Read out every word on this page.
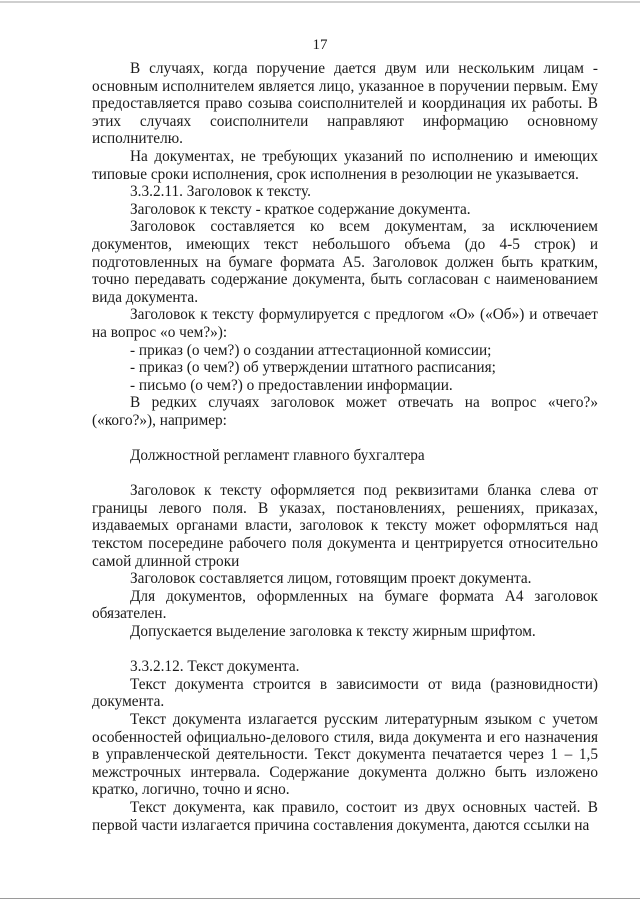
17

В случаях, когда поручение дается двум или нескольким лицам - основным исполнителем является лицо, указанное в поручении первым. Ему предоставляется право созыва соисполнителей и координация их работы. В этих случаях соисполнители направляют информацию основному исполнителю.

На документах, не требующих указаний по исполнению и имеющих типовые сроки исполнения, срок исполнения в резолюции не указывается.

3.3.2.11. Заголовок к тексту.

Заголовок к тексту - краткое содержание документа.

Заголовок составляется ко всем документам, за исключением документов, имеющих текст небольшого объема (до 4-5 строк) и подготовленных на бумаге формата А5. Заголовок должен быть кратким, точно передавать содержание документа, быть согласован с наименованием вида документа.

Заголовок к тексту формулируется с предлогом «О» («Об») и отвечает на вопрос «о чем?»):

- приказ (о чем?) о создании аттестационной комиссии;

- приказ (о чем?) об утверждении штатного расписания;

- письмо (о чем?) о предоставлении информации.

В редких случаях заголовок может отвечать на вопрос «чего?» («кого?»), например:

Должностной регламент главного бухгалтера

Заголовок к тексту оформляется под реквизитами бланка слева от границы левого поля. В указах, постановлениях, решениях, приказах, издаваемых органами власти, заголовок к тексту может оформляться над текстом посередине рабочего поля документа и центрируется относительно самой длинной строки

Заголовок составляется лицом, готовящим проект документа.

Для документов, оформленных на бумаге формата А4 заголовок обязателен.

Допускается выделение заголовка к тексту жирным шрифтом.

3.3.2.12. Текст документа.

Текст документа строится в зависимости от вида (разновидности) документа.

Текст документа излагается русским литературным языком с учетом особенностей официально-делового стиля, вида документа и его назначения в управленческой деятельности. Текст документа печатается через 1 – 1,5 межстрочных интервала. Содержание документа должно быть изложено кратко, логично, точно и ясно.

Текст документа, как правило, состоит из двух основных частей. В первой части излагается причина составления документа, даются ссылки на
